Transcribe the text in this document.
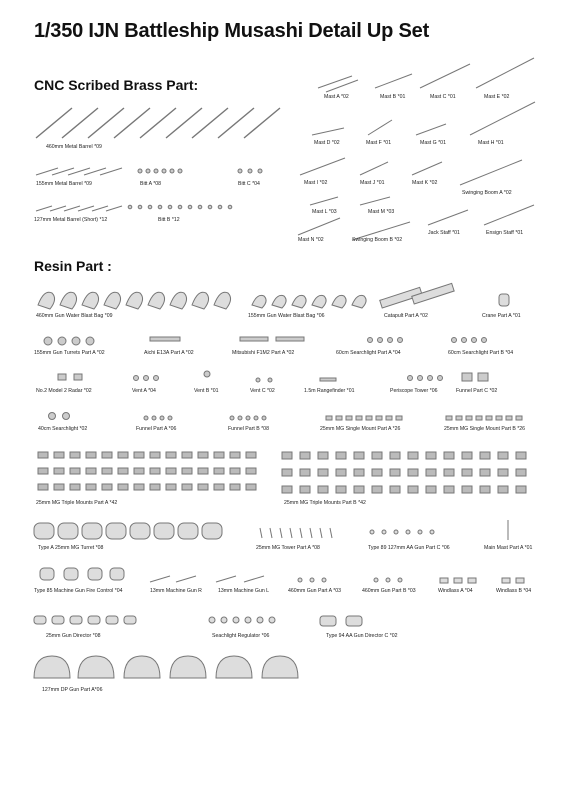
1/350 IJN Battleship Musashi Detail Up Set
CNC Scribed Brass Part:
Resin Part :
460mm Metal Barrel *09
155mm Metal Barrel *09	Bitt A *08	Bitt C *04
127mm Metal Barrel (Short) *12	Bitt B *12
Mast A *02	Mast B *01	Mast C *01	Mast E *02
Mast D *02	Mast F *01	Mast G *01	Mast H *01
Mast I *02	Mast J *01	Mast K *02
Swinging Boom A *02
Mast L *03	Mast M *03
Jack Staff *01	Ensign Staff *01
Mast N *02	Swinging Boom B *02
460mm Gun Water Blast Bag *09	155mm Gun Water Blast Bag *06	Catapult Part A *02	Crane Part A *01
155mm Gun Turrets Part A *02	Aichi E13A Part A *02	Mitsubishi F1M2 Part A *02	60cm Searchlight Part A *04	60cm Searchlight Part B *04
No.2 Model 2 Radar *02	Vent A *04	Vent B *01	Vent C *02	1.5m Rangefinder *01	Periscope Tower *06	Funnel Part C *02
40cm Searchlight *02	Funnel Part A *06	Funnel Part B *08	25mm MG Single Mount Part A *26	25mm MG Single Mount Part B *26
25mm MG Triple Mounts Part A *42	25mm MG Triple Mounts Part B *42
Type A 25mm MG Turret *08	25mm MG Tower Part A *08	Type 89 127mm AA Gun Part C *06	Main Mast Part A *01
Type 85 Machine Gun Fire Control *04	13mm Machine Gun R	13mm Machine Gun L	460mm Gun Part A *03	460mm Gun Part B *03	Windlass A *04	Windlass B *04
25mm Gun Director *08	Seachlight Regulator *06	Type 94 AA Gun Director C *02
127mm DP Gun Part A*06
